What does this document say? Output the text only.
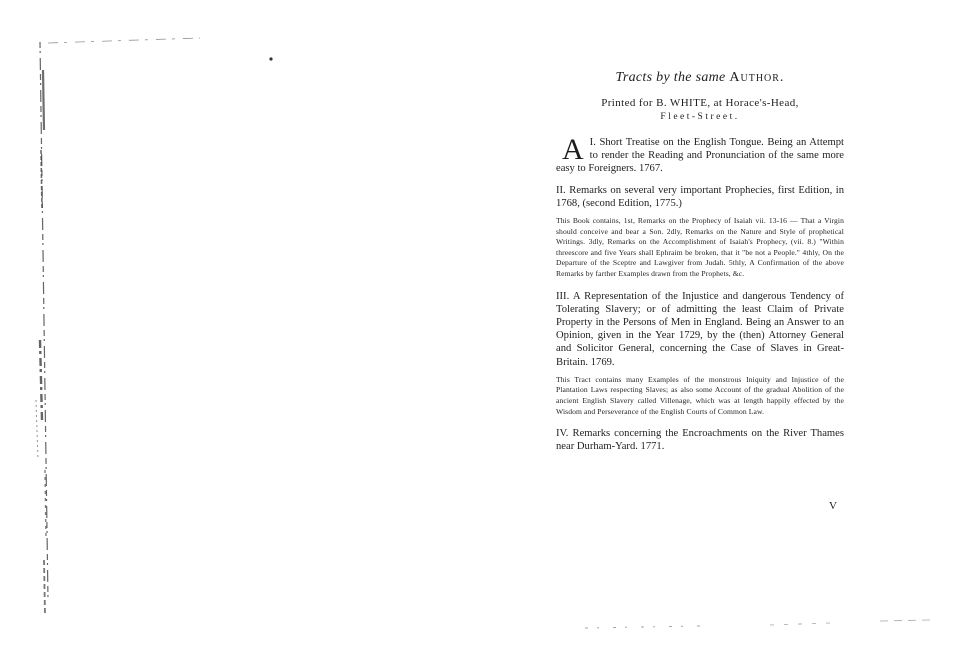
Tracts by the same Author.
Printed for B. WHITE, at Horace's-Head,
Fleet-Street.
I.
A Short Treatise on the English Tongue. Being an Attempt to render the Reading and Pronunciation of the same more easy to Foreigners. 1767.
II. Remarks on several very important Prophecies, first Edition, in 1768, (second Edition, 1775.)
This Book contains, 1st, Remarks on the Prophecy of Isaiah vii. 13-16 — That a Virgin should conceive and bear a Son. 2dly, Remarks on the Nature and Style of prophetical Writings. 3dly, Remarks on the Accomplishment of Isaiah's Prophecy, (vii. 8.) "Within threescore and five Years shall Ephraim be broken, that it "be not a People." 4thly, On the Departure of the Sceptre and Lawgiver from Judah. 5thly, A Confirmation of the above Remarks by farther Examples drawn from the Prophets, &c.
III. A Representation of the Injustice and dangerous Tendency of Tolerating Slavery; or of admitting the least Claim of Private Property in the Persons of Men in England. Being an Answer to an Opinion, given in the Year 1729, by the (then) Attorney General and Solicitor General, concerning the Case of Slaves in Great-Britain. 1769.
This Tract contains many Examples of the monstrous Iniquity and Injustice of the Plantation Laws respecting Slaves; as also some Account of the gradual Abolition of the ancient English Slavery called Villenage, which was at length happily effected by the Wisdom and Perseverance of the English Courts of Common Law.
IV. Remarks concerning the Encroachments on the River Thames near Durham-Yard. 1771.
V
